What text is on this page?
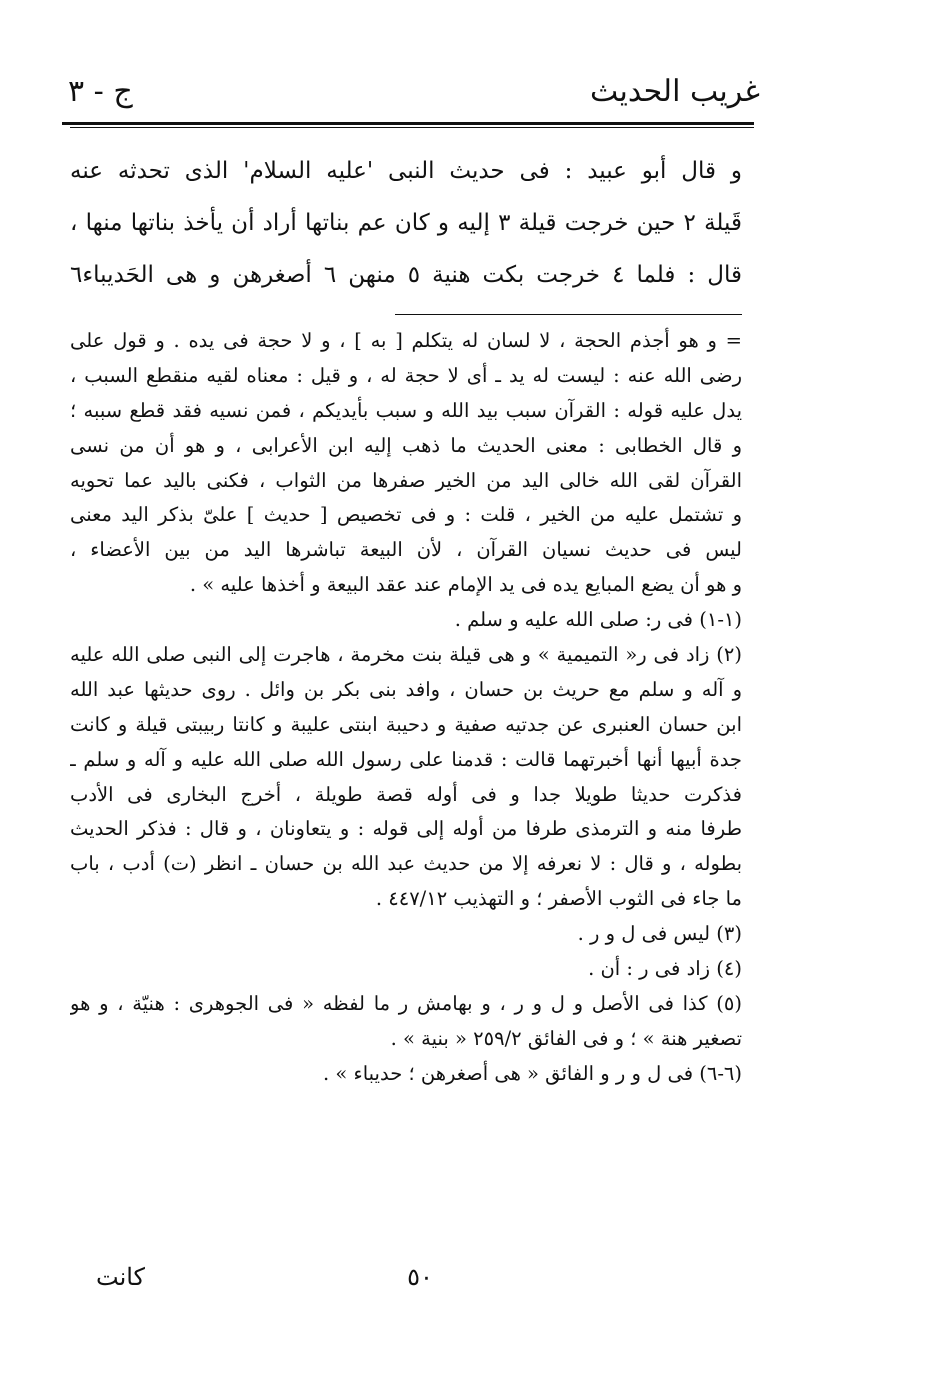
غريب الحديث
ج - ٣
و قال أبو عبيد : فى حديث النبى ‌‌'عليه السلام' الذى تحدثه عنه
قَيلة ٢ حين خرجت قيلة ٣ إليه و كان عم بناتها أراد أن يأخذ بناتها منها ،
قال : فلما ٤ خرجت بكت هنية ٥ منهن ‌‌٦ أصغرهن و هى الحَديباء٦
= و هو أجذم الحجة ، لا لسان له يتكلم [ به ] ، و لا حجة فى يده . و قول على
رضى الله عنه : ليست له يد ـ أى لا حجة له ، و قيل : معناه لقيه منقطع السبب ،
يدل عليه قوله : القرآن سبب بيد الله و سبب بأيديكم ، فمن نسيه فقد قطع سببه ؛
و قال الخطابى : معنى الحديث ما ذهب إليه ابن الأعرابى ، و هو أن من نسى
القرآن لقى الله خالى اليد من الخير صفرها من الثواب ، فكنى باليد عما تحويه
و تشتمل عليه من الخير ، قلت : و فى تخصيص [ حديث ] علىّ بذكر اليد معنى
ليس فى حديث نسيان القرآن ، لأن البيعة تباشرها اليد من بين الأعضاء ،
و هو أن يضع المبايع يده فى يد الإمام عند عقد البيعة و أخذها عليه » .
(١-١) فى ر: صلى الله عليه و سلم .
(٢) زاد فى ر« التميمية » و هى قيلة بنت مخرمة ، هاجرت إلى النبى صلى الله عليه
و آله و سلم مع حريث بن حسان ، وافد بنى بكر بن وائل . روى حديثها عبد الله
ابن حسان العنبرى عن جدتيه صفية و دحيبة ابنتى عليبة و كانتا ربيبتى قيلة و كانت
جدة أبيها أنها أخبرتهما قالت : قدمنا على رسول الله صلى الله عليه و آله و سلم ـ
فذكرت حديثا طويلا جدا و فى أوله قصة طويلة ، أخرج البخارى فى الأدب
طرفا منه و الترمذى طرفا من أوله إلى قوله : و يتعاونان ، و قال : فذكر الحديث
بطوله ، و قال : لا نعرفه إلا من حديث عبد الله بن حسان ـ انظر (ت) أدب ، باب
ما جاء فى الثوب الأصفر ؛ و التهذيب ٤٤٧/١٢ .
(٣) ليس فى ل و ر .
(٤) زاد فى ر : أن .
(٥) كذا فى الأصل و ل و ر ، و بهامش ر ما لفظه « فى الجوهرى : هنيّة ، و هو
تصغير هنة » ؛ و فى الفائق ٢٥٩/٢ « بنية » .
(٦-٦) فى ل و ر و الفائق « هى أصغرهن ؛ حديباء » .
٥٠
كانت
